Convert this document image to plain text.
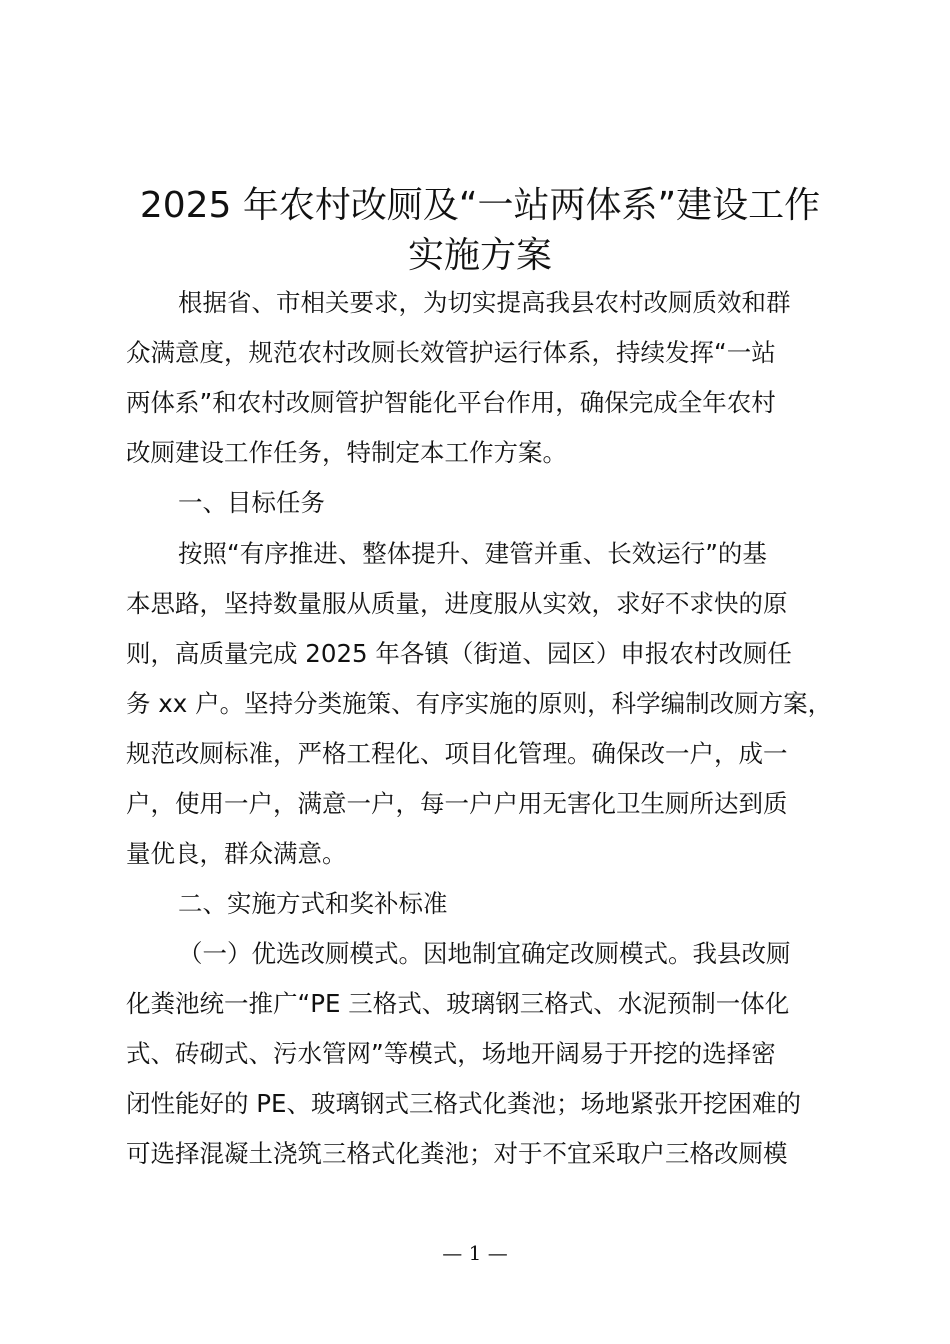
2025 年农村改厕及“一站两体系”建设工作
实施方案

根据省、市相关要求，为切实提高我县农村改厕质效和群

众满意度，规范农村改厕长效管护运行体系，持续发挥“一站

两体系”和农村改厕管护智能化平台作用，确保完成全年农村

改厕建设工作任务，特制定本工作方案。

一、目标任务

按照“有序推进、整体提升、建管并重、长效运行”的基

本思路，坚持数量服从质量，进度服从实效，求好不求快的原

则，高质量完成 2025 年各镇（街道、园区）申报农村改厕任

务 xx 户。坚持分类施策、有序实施的原则，科学编制改厕方案，

规范改厕标准，严格工程化、项目化管理。确保改一户，成一

户，使用一户，满意一户，每一户户用无害化卫生厕所达到质

量优良，群众满意。

二、实施方式和奖补标准

（一）优选改厕模式。因地制宜确定改厕模式。我县改厕

化粪池统一推广“PE 三格式、玻璃钢三格式、水泥预制一体化

式、砖砌式、污水管网”等模式，场地开阔易于开挖的选择密

闭性能好的 PE、玻璃钢式三格式化粪池；场地紧张开挖困难的

可选择混凝土浇筑三格式化粪池；对于不宜采取户三格改厕模

— 1 —
